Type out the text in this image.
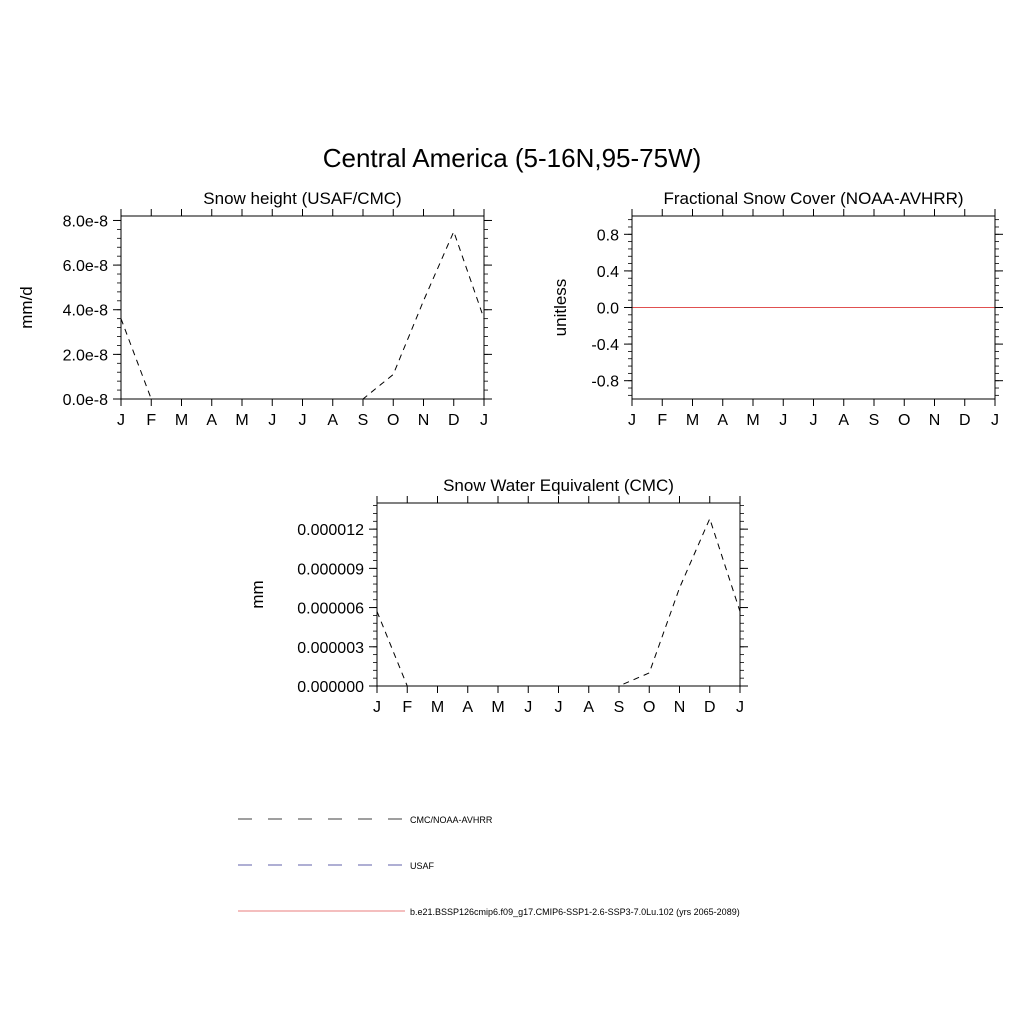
Central America (5-16N,95-75W)
Snow height (USAF/CMC)
mm/d
J F M A M J J A S O N D J
0.0e-8
2.0e-8
4.0e-8
6.0e-8
8.0e-8
Fractional Snow Cover (NOAA-AVHRR)
unitless
J F M A M J J A S O N D J
-0.8
-0.4
0.0
0.4
0.8
Snow Water Equivalent (CMC)
mm
J F M A M J J A S O N D J
0.000000
0.000003
0.000006
0.000009
0.000012
CMC/NOAA-AVHRR
USAF
b.e21.BSSP126cmip6.f09_g17.CMIP6-SSP1-2.6-SSP3-7.0Lu.102 (yrs 2065-2089)
